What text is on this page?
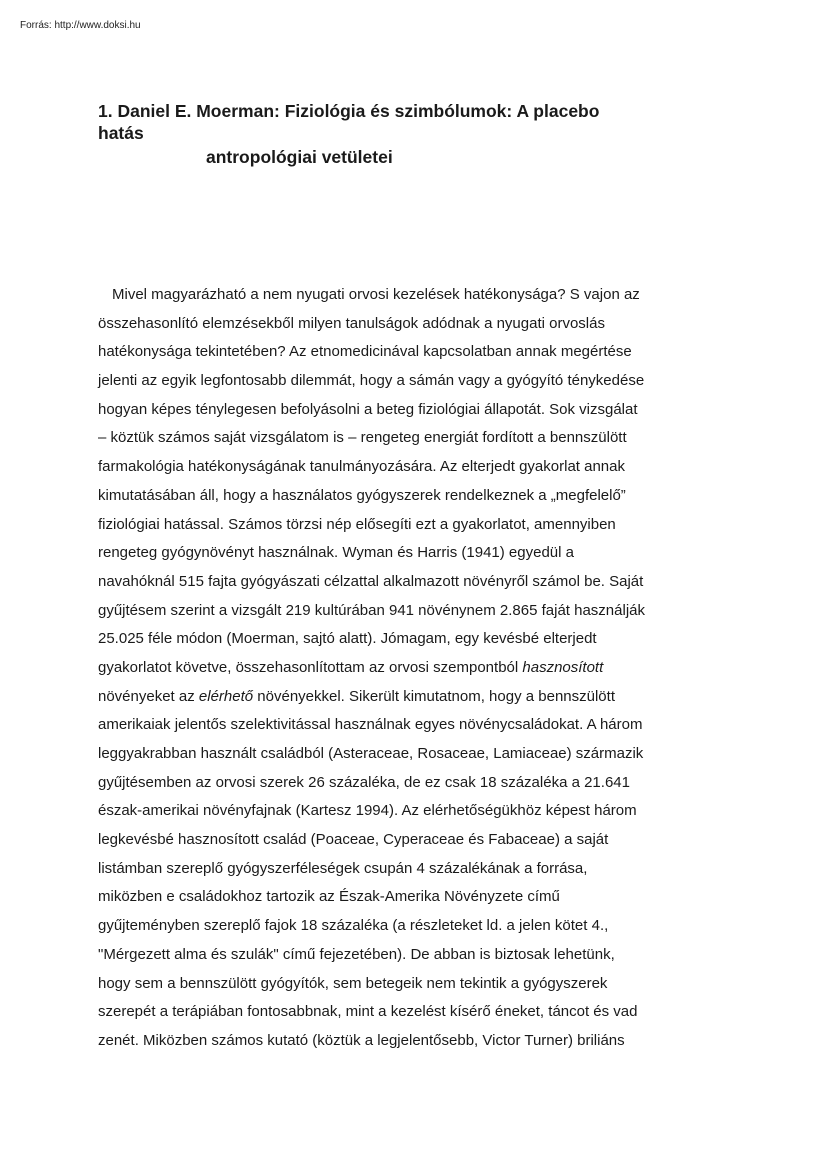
Forrás: http://www.doksi.hu
1. Daniel E. Moerman: Fiziológia és szimbólumok: A placebo
hatás
antropológiai vetületei
Mivel magyarázható a nem nyugati orvosi kezelések hatékonysága? S vajon az
összehasonlító elemzésekből milyen tanulságok adódnak a nyugati orvoslás
hatékonysága tekintetében? Az etnomedicinával kapcsolatban annak megértése
jelenti az egyik legfontosabb dilemmát, hogy a sámán vagy a gyógyító ténykedése
hogyan képes ténylegesen befolyásolni a beteg fiziológiai állapotát. Sok vizsgálat
– köztük számos saját vizsgálatom is – rengeteg energiát fordított a bennszülött
farmakológia hatékonyságának tanulmányozására. Az elterjedt gyakorlat annak
kimutatásában áll, hogy a használatos gyógyszerek rendelkeznek a „megfelelő”
fiziológiai hatással. Számos törzsi nép elősegíti ezt a gyakorlatot, amennyiben
rengeteg gyógynövényt használnak. Wyman és Harris (1941) egyedül a
navahóknál 515 fajta gyógyászati célzattal alkalmazott növényről számol be. Saját
gyűjtésem szerint a vizsgált 219 kultúrában 941 növénynem 2.865 faját használják
25.025 féle módon (Moerman, sajtó alatt). Jómagam, egy kevésbé elterjedt
gyakorlatot követve, összehasonlítottam az orvosi szempontból hasznosított
növényeket az elérhető növényekkel. Sikerült kimutatnom, hogy a bennszülött
amerikaiak jelentős szelektivitással használnak egyes növénycsaládokat. A három
leggyakrabban használt családból (Asteraceae, Rosaceae, Lamiaceae) származik
gyűjtésemben az orvosi szerek 26 százaléka, de ez csak 18 százaléka a 21.641
észak-amerikai növényfajnak (Kartesz 1994). Az elérhetőségükhöz képest három
legkevésbé hasznosított család (Poaceae, Cyperaceae és Fabaceae) a saját
listámban szereplő gyógyszerféleségek csupán 4 százalékának a forrása,
miközben e családokhoz tartozik az Észak-Amerika Növényzete című
gyűjteményben szereplő fajok 18 százaléka (a részleteket ld. a jelen kötet 4.,
"Mérgezett alma és szulák" című fejezetében). De abban is biztosak lehetünk,
hogy sem a bennszülött gyógyítók, sem betegeik nem tekintik a gyógyszerek
szerepét a terápiában fontosabbnak, mint a kezelést kísérő éneket, táncot és vad
zenét. Miközben számos kutató (köztük a legjelentősebb, Victor Turner) briliáns
